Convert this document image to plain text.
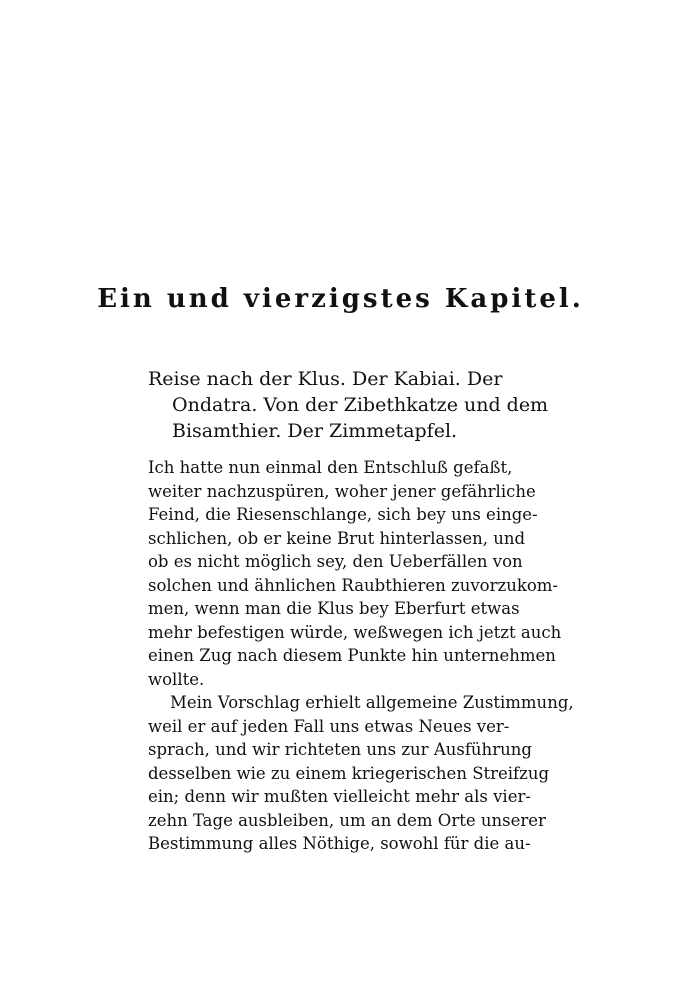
Ein und vierzigstes Kapitel.
Reise nach der Klus. Der Kabiai. Der
Ondatra. Von der Zibethkatze und dem
Bisamthier. Der Zimmetapfel.
Ich hatte nun einmal den Entschluß gefaßt,
weiter nachzuspüren, woher jener gefährliche
Feind, die Riesenschlange, sich bey uns einge-
schlichen, ob er keine Brut hinterlassen, und
ob es nicht möglich sey, den Ueberfällen von
solchen und ähnlichen Raubthieren zuvorzukom-
men, wenn man die Klus bey Eberfurt etwas
mehr befestigen würde, weßwegen ich jetzt auch
einen Zug nach diesem Punkte hin unternehmen
wollte.
Mein Vorschlag erhielt allgemeine Zustimmung,
weil er auf jeden Fall uns etwas Neues ver-
sprach, und wir richteten uns zur Ausführung
desselben wie zu einem kriegerischen Streifzug
ein; denn wir mußten vielleicht mehr als vier-
zehn Tage ausbleiben, um an dem Orte unserer
Bestimmung alles Nöthige, sowohl für die au-
